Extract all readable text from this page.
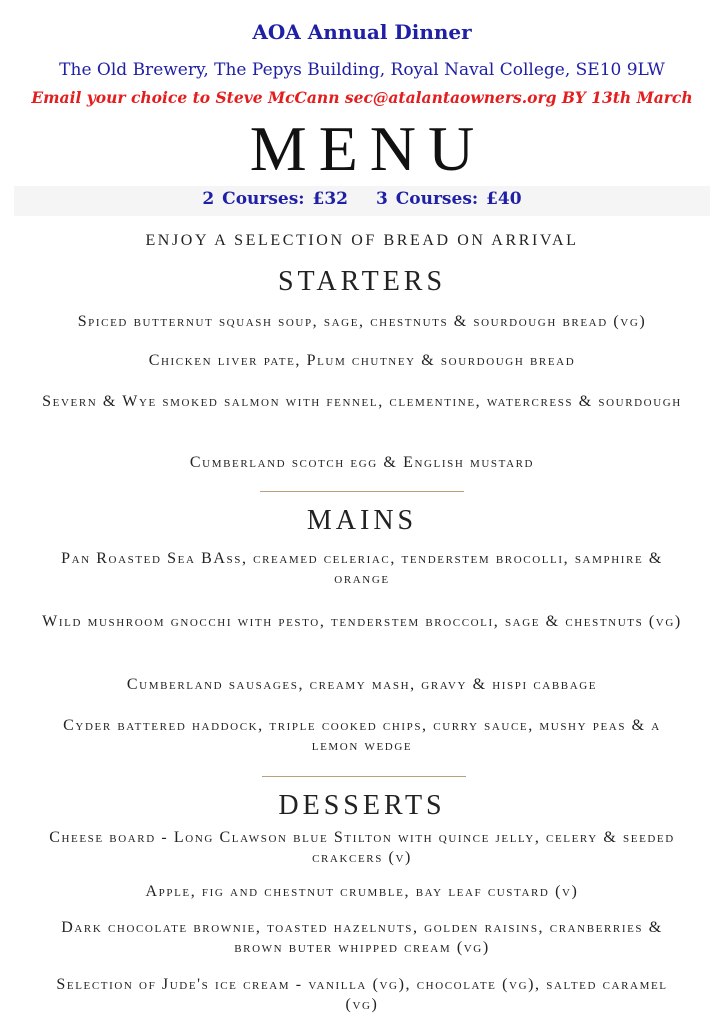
AOA Annual Dinner
The Old Brewery, The Pepys Building, Royal Naval College, SE10 9LW
Email your choice to Steve McCann sec@atalantaowners.org BY 13th March
MENU
2 Courses: £32 3 Courses: £40
ENJOY A SELECTION OF BREAD ON ARRIVAL
STARTERS
Spiced butternut squash soup, sage, chestnuts & sourdough bread (vg)
Chicken liver pate, Plum chutney & sourdough bread
Severn & Wye smoked salmon with fennel, clementine, watercress & sourdough
Cumberland scotch egg & English mustard
MAINS
Pan Roasted Sea BAss, creamed celeriac, tenderstem brocolli, samphire & orange
Wild mushroom gnocchi with pesto, tenderstem broccoli, sage & chestnuts (vg)
Cumberland sausages, creamy mash, gravy & hispi cabbage
Cyder battered haddock, triple cooked chips, curry sauce, mushy peas & a lemon wedge
DESSERTS
Cheese board - Long Clawson blue Stilton with quince jelly, celery & seeded crakcers (v)
Apple, fig and chestnut crumble, bay leaf custard (v)
Dark chocolate brownie, toasted hazelnuts, golden raisins, cranberries & brown buter whipped cream (vg)
Selection of Jude's ice cream - vanilla (vg), chocolate (vg), salted caramel (vg)
